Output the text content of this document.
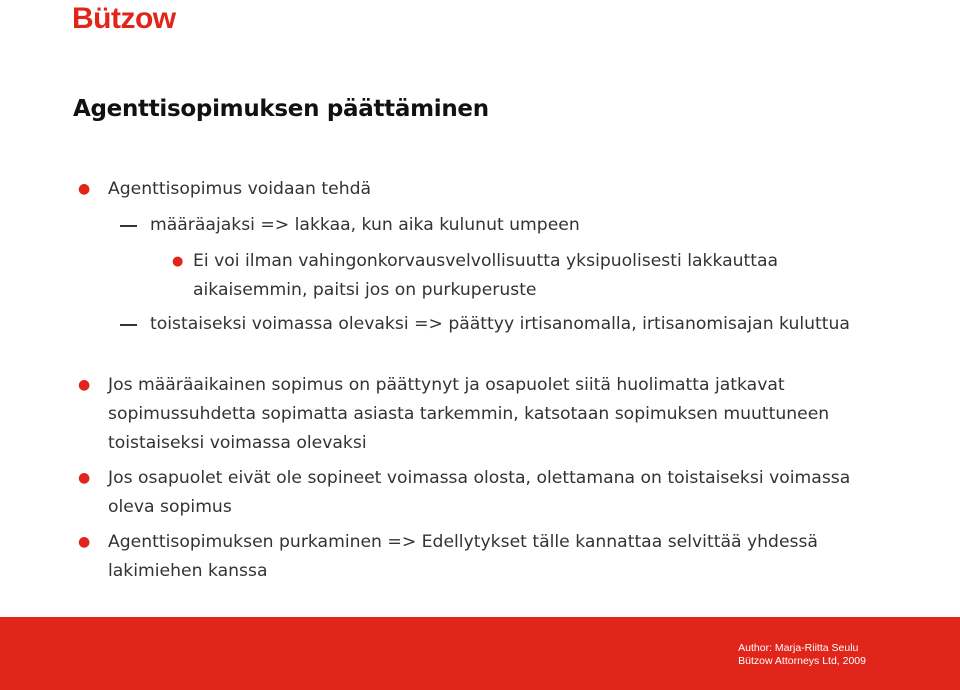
Bützow
Agenttisopimuksen päättäminen
● Agenttisopimus voidaan tehdä
määräajaksi => lakkaa, kun aika kulunut umpeen
● Ei voi ilman vahingonkorvausvelvollisuutta yksipuolisesti lakkauttaa aikaisemmin, paitsi jos on purkuperuste
toistaiseksi voimassa olevaksi => päättyy irtisanomalla, irtisanomisajan kuluttua
● Jos määräaikainen sopimus on päättynyt ja osapuolet siitä huolimatta jatkavat sopimussuhdetta sopimatta asiasta tarkemmin, katsotaan sopimuksen muuttuneen toistaiseksi voimassa olevaksi
● Jos osapuolet eivät ole sopineet voimassa olosta, olettamana on toistaiseksi voimassa oleva sopimus
● Agenttisopimuksen purkaminen => Edellytykset tälle kannattaa selvittää yhdessä lakimiehen kanssa
Author: Marja-Riitta Seulu
Bützow Attorneys Ltd, 2009
